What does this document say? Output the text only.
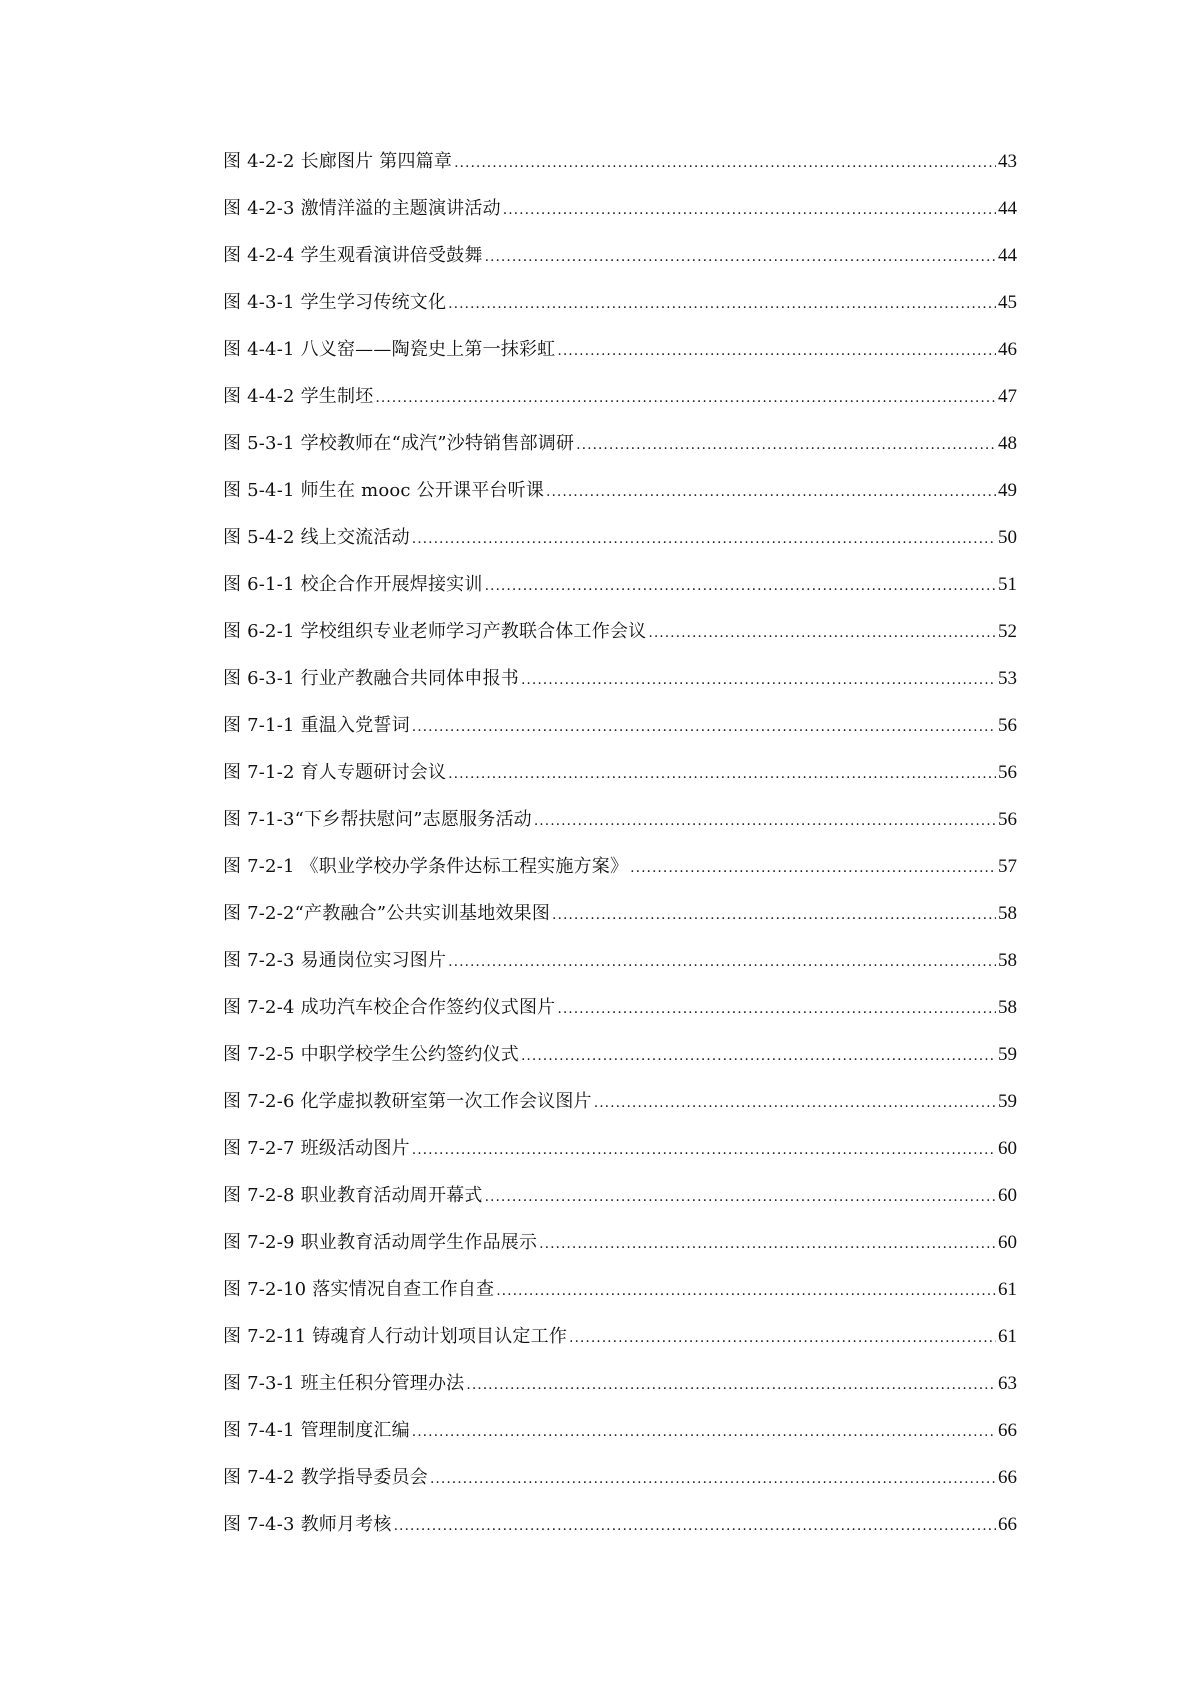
图 4-2-2 长廊图片 第四篇章 .....	43
图 4-2-3 激情洋溢的主题演讲活动 .....	44
图 4-2-4 学生观看演讲倍受鼓舞 .....	44
图 4-3-1 学生学习传统文化 .....	45
图 4-4-1 八义窑——陶瓷史上第一抹彩虹 .....	46
图 4-4-2 学生制坯 .....	47
图 5-3-1 学校教师在“成汽”沙特销售部调研 .....	48
图 5-4-1 师生在 mooc 公开课平台听课 .....	49
图 5-4-2 线上交流活动 .....	50
图 6-1-1 校企合作开展焊接实训 .....	51
图 6-2-1 学校组织专业老师学习产教联合体工作会议 .....	52
图 6-3-1 行业产教融合共同体申报书 .....	53
图 7-1-1 重温入党誓词 .....	56
图 7-1-2 育人专题研讨会议 .....	56
图 7-1-3“下乡帮扶慰问”志愿服务活动 .....	56
图 7-2-1 《职业学校办学条件达标工程实施方案》 .....	57
图 7-2-2“产教融合”公共实训基地效果图 .....	58
图 7-2-3 易通岗位实习图片 .....	58
图 7-2-4 成功汽车校企合作签约仪式图片 .....	58
图 7-2-5 中职学校学生公约签约仪式 .....	59
图 7-2-6 化学虚拟教研室第一次工作会议图片 .....	59
图 7-2-7 班级活动图片 .....	60
图 7-2-8 职业教育活动周开幕式 .....	60
图 7-2-9 职业教育活动周学生作品展示 .....	60
图 7-2-10 落实情况自查工作自查 .....	61
图 7-2-11 铸魂育人行动计划项目认定工作 .....	61
图 7-3-1 班主任积分管理办法 .....	63
图 7-4-1 管理制度汇编 .....	66
图 7-4-2 教学指导委员会 .....	66
图 7-4-3 教师月考核 .....	66
